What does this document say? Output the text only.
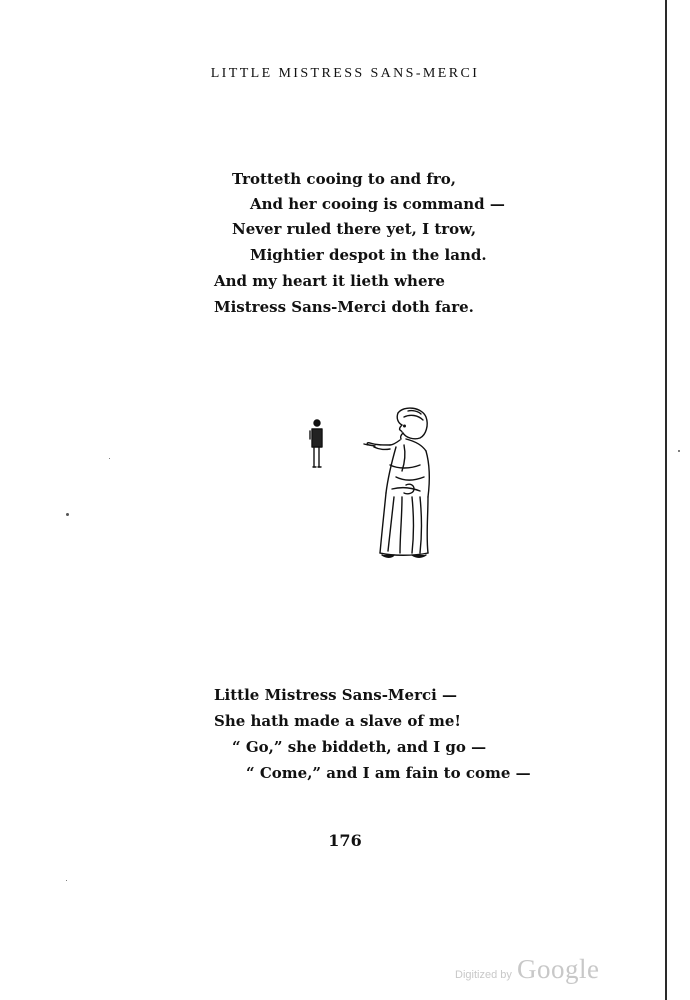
LITTLE MISTRESS SANS-MERCI
Trotteth cooing to and fro,
And her cooing is command —
Never ruled there yet, I trow,
Mightier despot in the land.
And my heart it lieth where
Mistress Sans-Merci doth fare.
Little Mistress Sans-Merci —
She hath made a slave of me!
“ Go,” she biddeth, and I go —
“ Come,” and I am fain to come —
176
Digitized by Google
